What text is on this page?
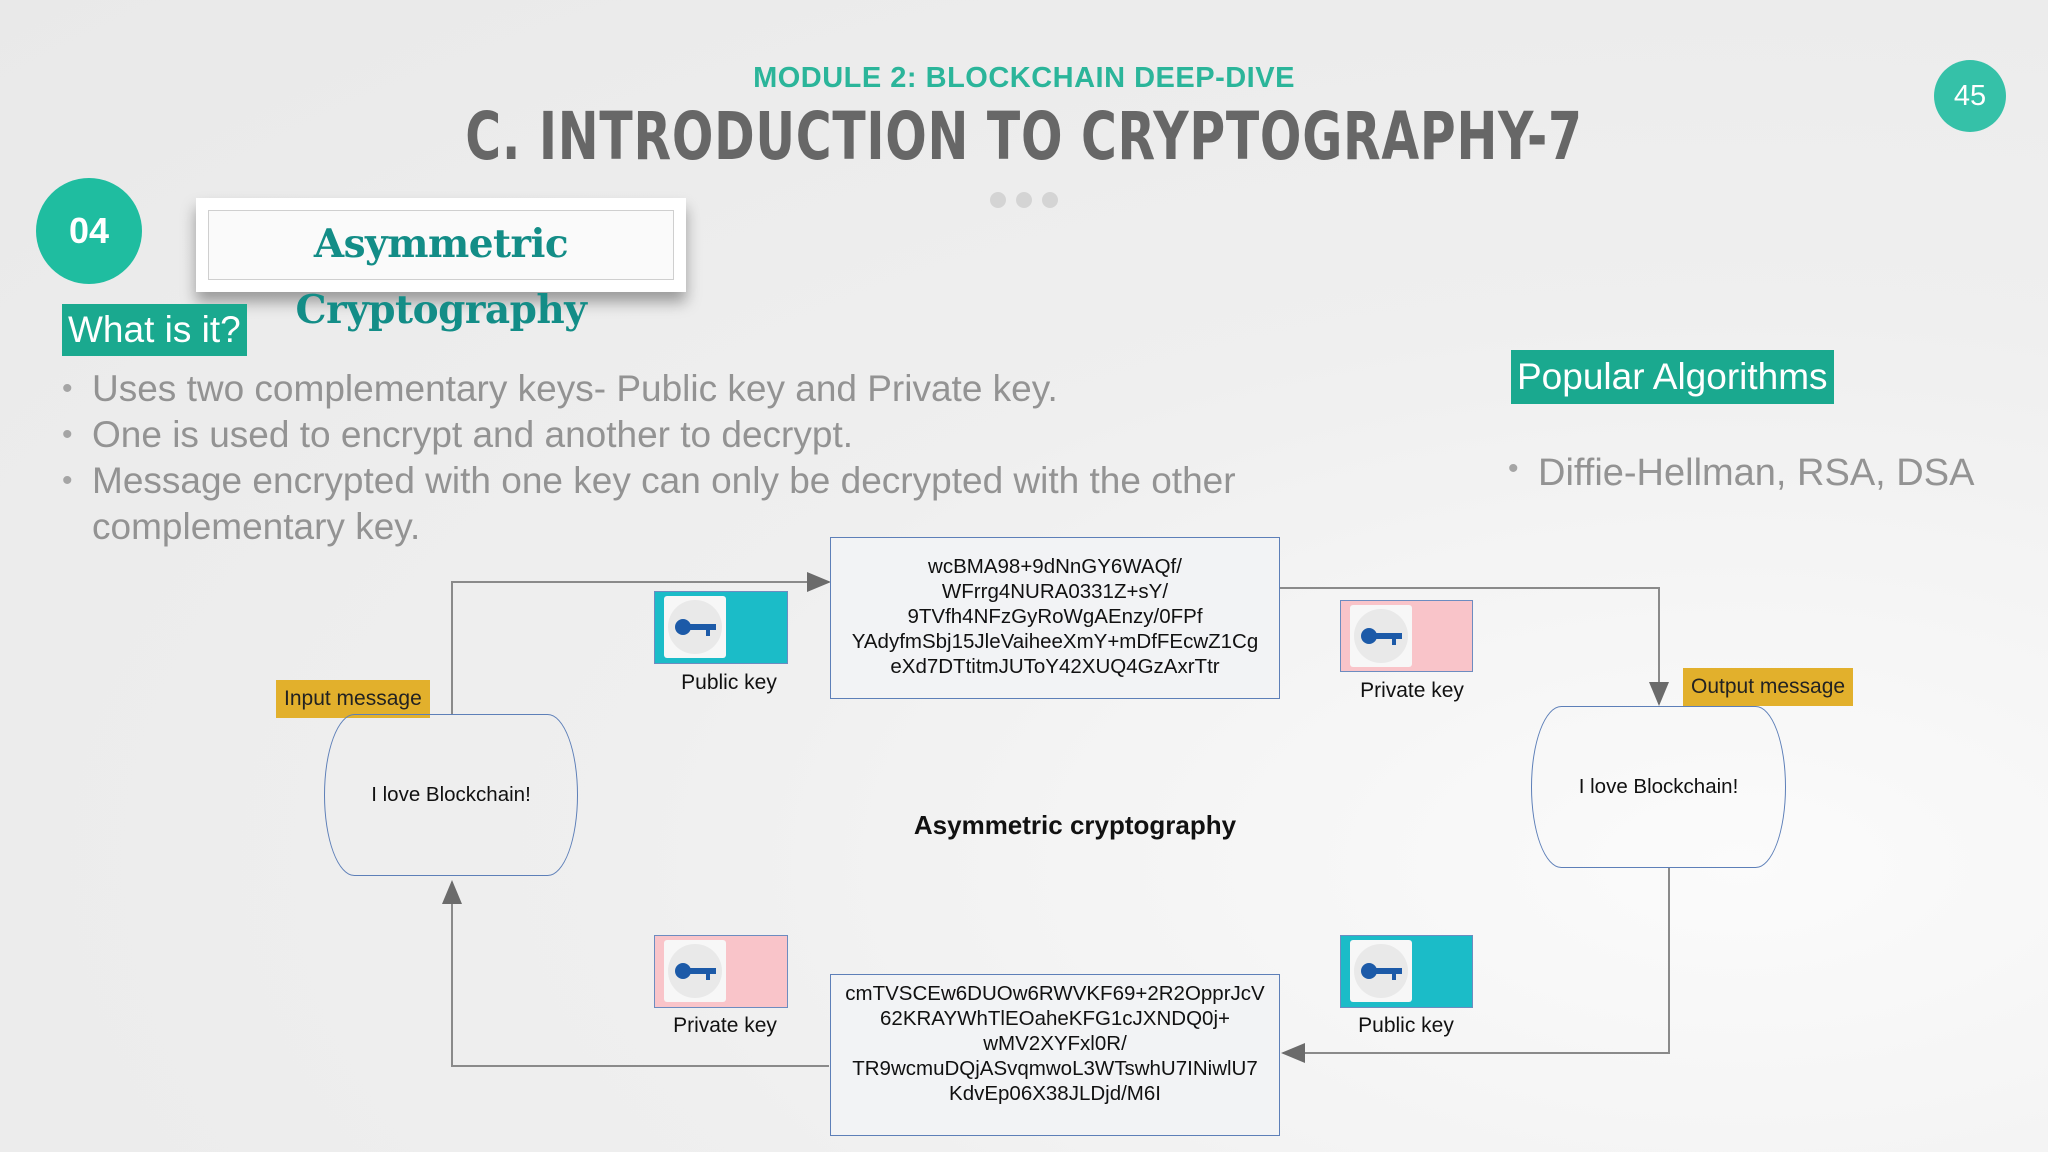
MODULE 2: BLOCKCHAIN DEEP-DIVE
C. INTRODUCTION TO CRYPTOGRAPHY-7
45
04	Asymmetric Cryptography
What is it?
• Uses two complementary keys- Public key and Private key.
• One is used to encrypt and another to decrypt.
• Message encrypted with one key can only be decrypted with the other complementary key.
Popular Algorithms
• Diffie-Hellman, RSA, DSA
wcBMA98+9dNnGY6WAQf/
WFrrg4NURA0331Z+sY/
9TVfh4NFzGyRoWgAEnzy/0FPf
YAdyfmSbj15JleVaiheeXmY+mDfFEcwZ1Cg
eXd7DTtitmJUToY42XUQ4GzAxrTtr
cmTVSCEw6DUOw6RWVKF69+2R2OpprJcV
62KRAYWhTlEOaheKFG1cJXNDQ0j+
wMV2XYFxl0R/
TR9wcmuDQjASvqmwoL3WTswhU7INiwlU7
KdvEp06X38JLDjd/M6I
Public key	Private key
Private key	Public key
Input message
Output message
I love Blockchain!	I love Blockchain!
Asymmetric cryptography
